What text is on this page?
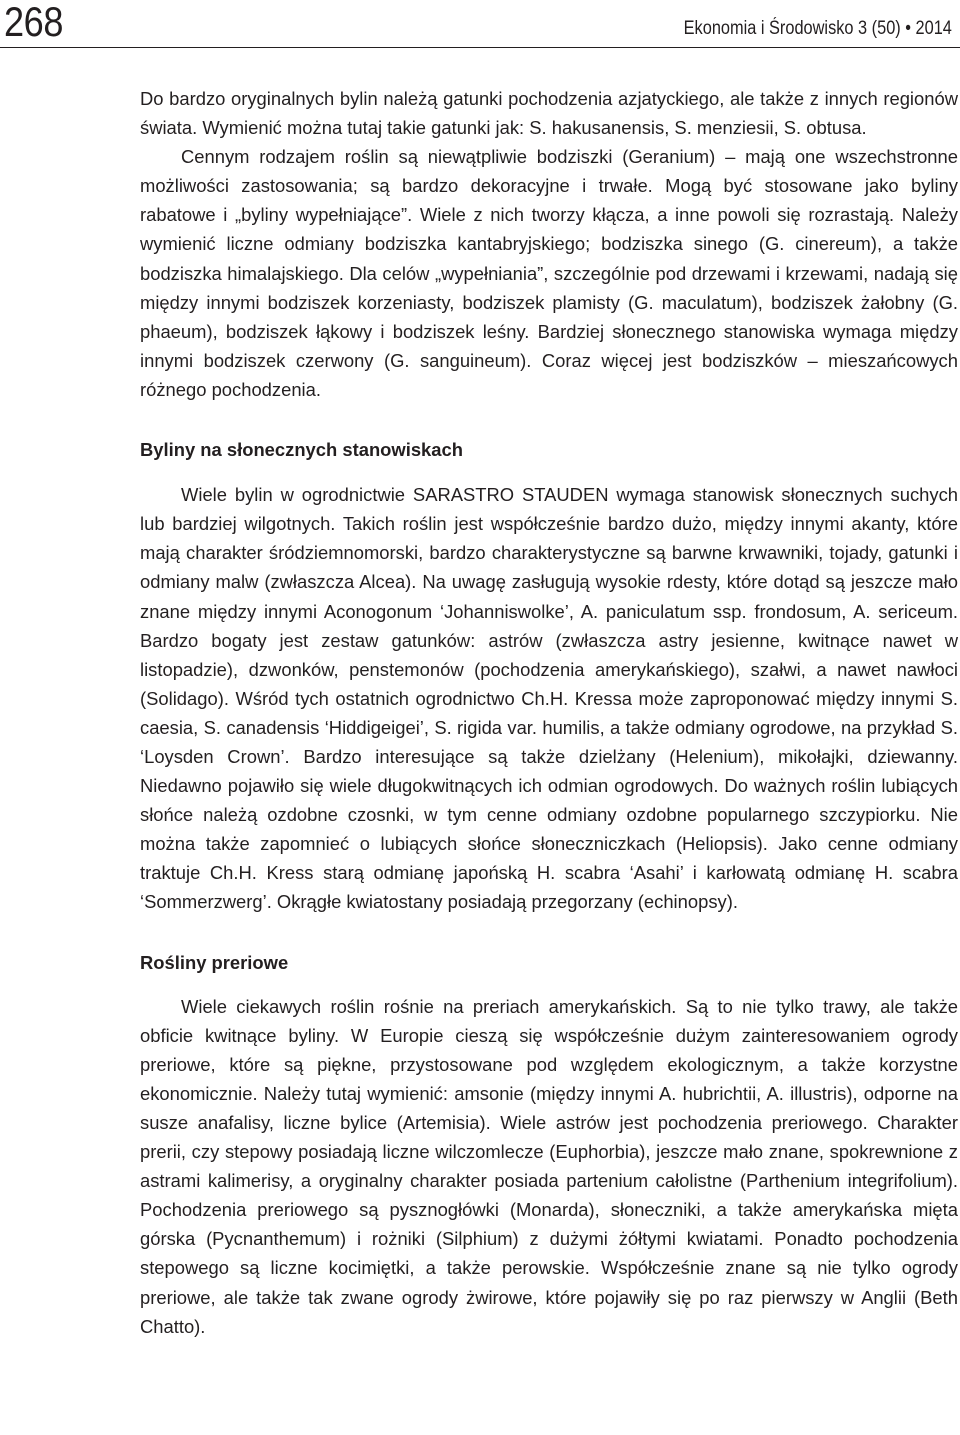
268	Ekonomia i Środowisko 3 (50) • 2014

Do bardzo oryginalnych bylin należą gatunki pochodzenia azjatyckiego, ale także z innych regionów świata. Wymienić można tutaj takie gatunki jak: S. hakusanensis, S. menziesii, S. obtusa.

Cennym rodzajem roślin są niewątpliwie bodziszki (Geranium) – mają one wszechstronne możliwości zastosowania; są bardzo dekoracyjne i trwałe. Mogą być stosowane jako byliny rabatowe i „byliny wypełniające”. Wiele z nich tworzy kłącza, a inne powoli się rozrastają. Należy wymienić liczne odmiany bodziszka kantabryjskiego; bodziszka sinego (G. cinereum), a także bodziszka himalajskiego. Dla celów „wypełniania”, szczególnie pod drzewami i krzewami, nadają się między innymi bodziszek korzeniasty, bodziszek plamisty (G. maculatum), bodziszek żałobny (G. phaeum), bodziszek łąkowy i bodziszek leśny. Bardziej słonecznego stanowiska wymaga między innymi bodziszek czerwony (G. sanguineum). Coraz więcej jest bodziszków – mieszańcowych różnego pochodzenia.

Byliny na słonecznych stanowiskach

Wiele bylin w ogrodnictwie SARASTRO STAUDEN wymaga stanowisk słonecznych suchych lub bardziej wilgotnych. Takich roślin jest współcześnie bardzo dużo, między innymi akanty, które mają charakter śródziemnomorski, bardzo charakterystyczne są barwne krwawniki, tojady, gatunki i odmiany malw (zwłaszcza Alcea). Na uwagę zasługują wysokie rdesty, które dotąd są jeszcze mało znane między innymi Aconogonum ‘Johanniswolke’, A. paniculatum ssp. frondosum, A. sericeum. Bardzo bogaty jest zestaw gatunków: astrów (zwłaszcza astry jesienne, kwitnące nawet w listopadzie), dzwonków, penstemonów (pochodzenia amerykańskiego), szałwi, a nawet nawłoci (Solidago). Wśród tych ostatnich ogrodnictwo Ch.H. Kressa może zaproponować między innymi S. caesia, S. canadensis ‘Hiddigeigei’, S. rigida var. humilis, a także odmiany ogrodowe, na przykład S. ‘Loysden Crown’. Bardzo interesujące są także dzielżany (Helenium), mikołajki, dziewanny. Niedawno pojawiło się wiele długokwitnących ich odmian ogrodowych. Do ważnych roślin lubiących słońce należą ozdobne czosnki, w tym cenne odmiany ozdobne popularnego szczypiorku. Nie można także zapomnieć o lubiących słońce słoneczniczkach (Heliopsis). Jako cenne odmiany traktuje Ch.H. Kress starą odmianę japońską H. scabra ‘Asahi’ i karłowatą odmianę H. scabra ‘Sommerzwerg’. Okrągłe kwiatostany posiadają przegorzany (echinopsy).

Rośliny preriowe

Wiele ciekawych roślin rośnie na preriach amerykańskich. Są to nie tylko trawy, ale także obficie kwitnące byliny. W Europie cieszą się współcześnie dużym zainteresowaniem ogrody preriowe, które są piękne, przystosowane pod względem ekologicznym, a także korzystne ekonomicznie. Należy tutaj wymienić: amsonie (między innymi A. hubrichtii, A. illustris), odporne na susze anafalisy, liczne bylice (Artemisia). Wiele astrów jest pochodzenia preriowego. Charakter prerii, czy stepowy posiadają liczne wilczomlecze (Euphorbia), jeszcze mało znane, spokrewnione z astrami kalimerisy, a oryginalny charakter posiada partenium całolistne (Parthenium integrifolium). Pochodzenia preriowego są pysznogłówki (Monarda), słoneczniki, a także amerykańska mięta górska (Pycnanthemum) i rożniki (Silphium) z dużymi żółtymi kwiatami. Ponadto pochodzenia stepowego są liczne kocimiętki, a także perowskie. Współcześnie znane są nie tylko ogrody preriowe, ale także tak zwane ogrody żwirowe, które pojawiły się po raz pierwszy w Anglii (Beth Chatto).
